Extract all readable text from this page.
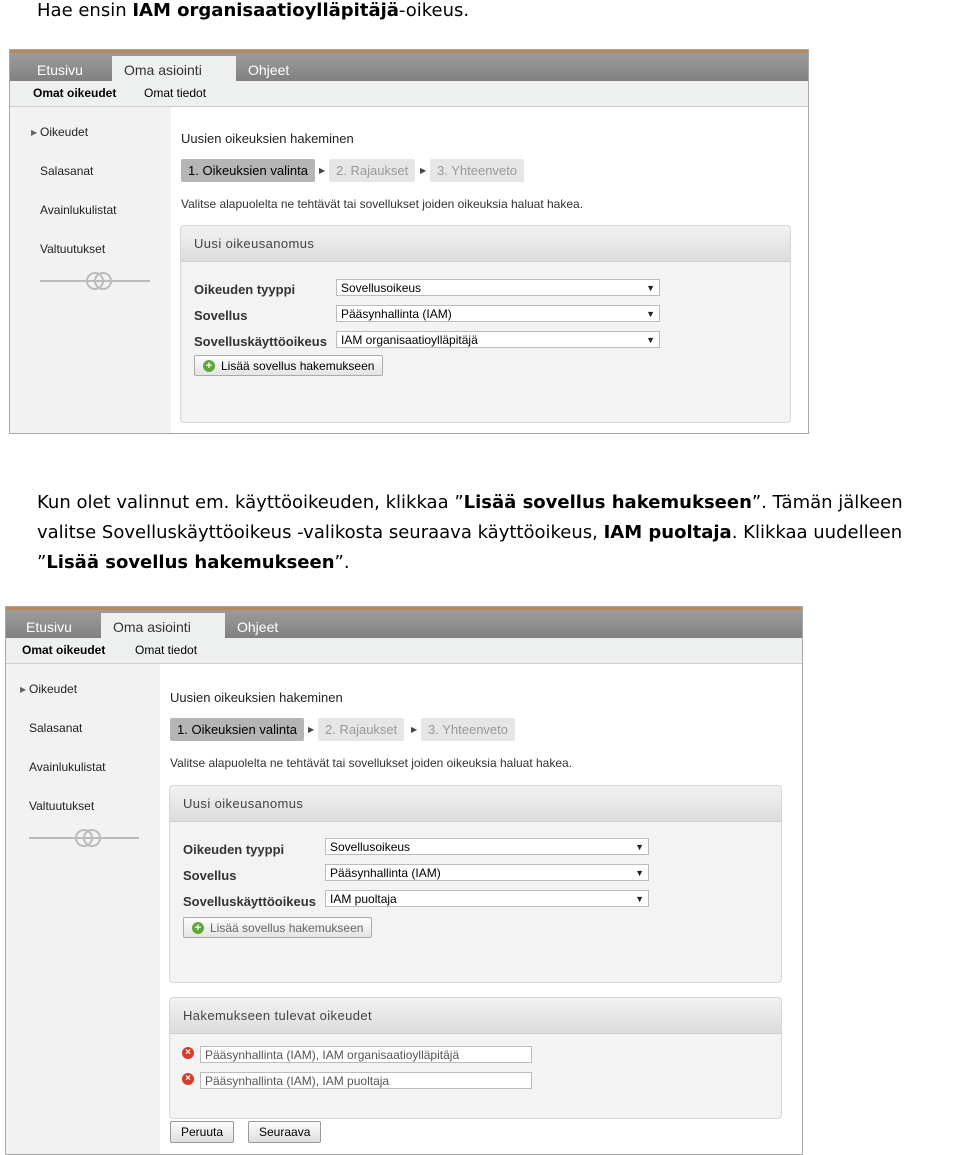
Hae ensin IAM organisaatioylläpitäjä-oikeus.
Etusivu	Oma asiointi	Ohjeet
Omat oikeudet Omat tiedot
▶ Oikeudet
Salasanat
Avainlukulistat
Valtuutukset
Uusien oikeuksien hakeminen
1. Oikeuksien valinta	▶ 2. Rajaukset	▶ 3. Yhteenveto
Valitse alapuolelta ne tehtävät tai sovellukset joiden oikeuksia haluat hakea.
Uusi oikeusanomus
Oikeuden tyyppi	Sovellusoikeus	▼
Sovellus	Pääsynhallinta (IAM)	▼
Sovelluskäyttöoikeus	IAM organisaatioylläpitäjä	▼
+ Lisää sovellus hakemukseen
Kun olet valinnut em. käyttöoikeuden, klikkaa ”Lisää sovellus hakemukseen”. Tämän jälkeen valitse Sovelluskäyttöoikeus -valikosta seuraava käyttöoikeus, IAM puoltaja. Klikkaa uudelleen ”Lisää sovellus hakemukseen”.
Etusivu	Oma asiointi	Ohjeet
Omat oikeudet Omat tiedot
▶ Oikeudet
Salasanat
Avainlukulistat
Valtuutukset
Uusien oikeuksien hakeminen
1. Oikeuksien valinta	▶ 2. Rajaukset	▶ 3. Yhteenveto
Valitse alapuolelta ne tehtävät tai sovellukset joiden oikeuksia haluat hakea.
Uusi oikeusanomus
Oikeuden tyyppi	Sovellusoikeus	▼
Sovellus	Pääsynhallinta (IAM)	▼
Sovelluskäyttöoikeus	IAM puoltaja	▼
+ Lisää sovellus hakemukseen
Hakemukseen tulevat oikeudet
×	Pääsynhallinta (IAM), IAM organisaatioylläpitäjä
×	Pääsynhallinta (IAM), IAM puoltaja
Peruuta	Seuraava
